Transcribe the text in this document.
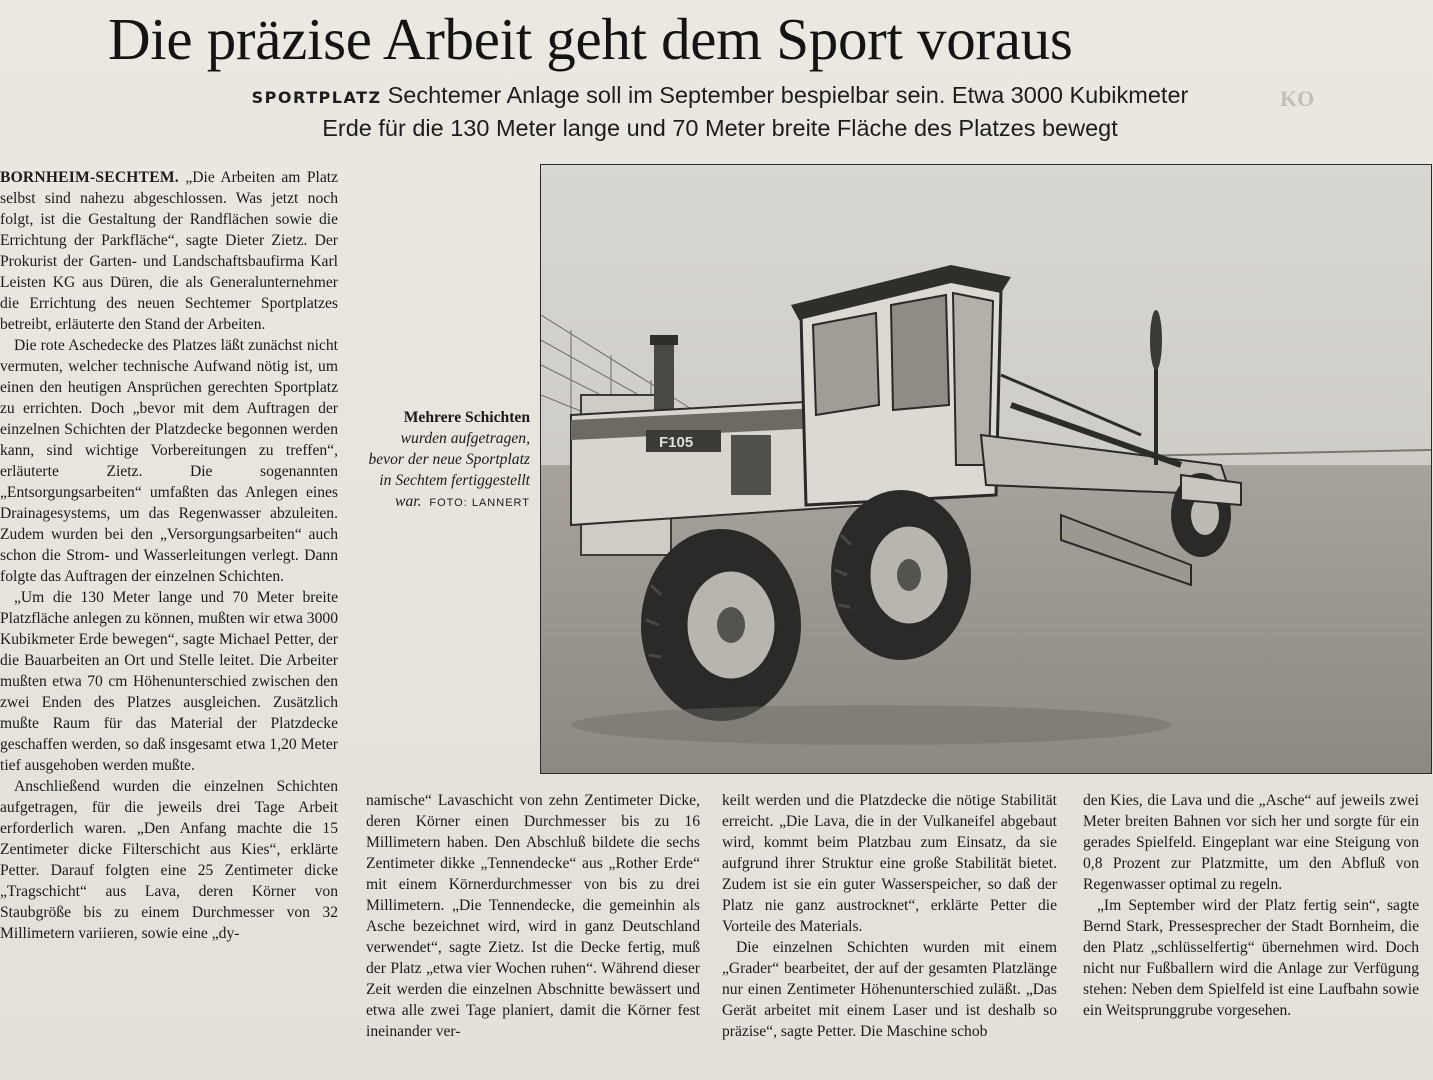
KO
Die präzise Arbeit geht dem Sport voraus
SPORTPLATZ Sechtemer Anlage soll im September bespielbar sein. Etwa 3000 Kubikmeter
Erde für die 130 Meter lange und 70 Meter breite Fläche des Platzes bewegt

BORNHEIM-SECHTEM. „Die Arbeiten am Platz selbst sind nahezu abgeschlossen. Was jetzt noch folgt, ist die Gestaltung der Randflächen sowie die Errichtung der Parkfläche“, sagte Dieter Zietz. Der Prokurist der Garten- und Landschaftsbaufirma Karl Leisten KG aus Düren, die als Generalunternehmer die Errichtung des neuen Sechtemer Sportplatzes betreibt, erläuterte den Stand der Arbeiten.

Die rote Aschedecke des Platzes läßt zunächst nicht vermuten, welcher technische Aufwand nötig ist, um einen den heutigen Ansprüchen gerechten Sportplatz zu errichten. Doch „bevor mit dem Auftragen der einzelnen Schichten der Platzdecke begonnen werden kann, sind wichtige Vorbereitungen zu treffen“, erläuterte Zietz. Die sogenannten „Entsorgungsarbeiten“ umfaßten das Anlegen eines Drainagesystems, um das Regenwasser abzuleiten. Zudem wurden bei den „Versorgungsarbeiten“ auch schon die Strom- und Wasserleitungen verlegt. Dann folgte das Auftragen der einzelnen Schichten.

„Um die 130 Meter lange und 70 Meter breite Platzfläche anlegen zu können, mußten wir etwa 3000 Kubikmeter Erde bewegen“, sagte Michael Petter, der die Bauarbeiten an Ort und Stelle leitet. Die Arbeiter mußten etwa 70 cm Höhenunterschied zwischen den zwei Enden des Platzes ausgleichen. Zusätzlich mußte Raum für das Material der Platzdecke geschaffen werden, so daß insgesamt etwa 1,20 Meter tief ausgehoben werden mußte.

Anschließend wurden die einzelnen Schichten aufgetragen, für die jeweils drei Tage Arbeit erforderlich waren. „Den Anfang machte die 15 Zentimeter dicke Filterschicht aus Kies“, erklärte Petter. Darauf folgten eine 25 Zentimeter dicke „Tragschicht“ aus Lava, deren Körner von Staubgröße bis zu einem Durchmesser von 32 Millimetern variieren, sowie eine „dy-

Mehrere Schichten
wurden aufgetragen, bevor der neue Sportplatz in Sechtem fertiggestellt war. FOTO: LANNERT
F105

namische“ Lavaschicht von zehn Zentimeter Dicke, deren Körner einen Durchmesser bis zu 16 Millimetern haben. Den Abschluß bildete die sechs Zentimeter dikke „Tennendecke“ aus „Rother Erde“ mit einem Körnerdurchmesser von bis zu drei Millimetern. „Die Tennendecke, die gemeinhin als Asche bezeichnet wird, wird in ganz Deutschland verwendet“, sagte Zietz. Ist die Decke fertig, muß der Platz „etwa vier Wochen ruhen“. Während dieser Zeit werden die einzelnen Abschnitte bewässert und etwa alle zwei Tage planiert, damit die Körner fest ineinander ver-

keilt werden und die Platzdecke die nötige Stabilität erreicht. „Die Lava, die in der Vulkaneifel abgebaut wird, kommt beim Platzbau zum Einsatz, da sie aufgrund ihrer Struktur eine große Stabilität bietet. Zudem ist sie ein guter Wasserspeicher, so daß der Platz nie ganz austrocknet“, erklärte Petter die Vorteile des Materials.

Die einzelnen Schichten wurden mit einem „Grader“ bearbeitet, der auf der gesamten Platzlänge nur einen Zentimeter Höhenunterschied zuläßt. „Das Gerät arbeitet mit einem Laser und ist deshalb so präzise“, sagte Petter. Die Maschine schob

den Kies, die Lava und die „Asche“ auf jeweils zwei Meter breiten Bahnen vor sich her und sorgte für ein gerades Spielfeld. Eingeplant war eine Steigung von 0,8 Prozent zur Platzmitte, um den Abfluß von Regenwasser optimal zu regeln.

„Im September wird der Platz fertig sein“, sagte Bernd Stark, Pressesprecher der Stadt Bornheim, die den Platz „schlüsselfertig“ übernehmen wird. Doch nicht nur Fußballern wird die Anlage zur Verfügung stehen: Neben dem Spielfeld ist eine Laufbahn sowie ein Weitsprunggrube vorgesehen.
